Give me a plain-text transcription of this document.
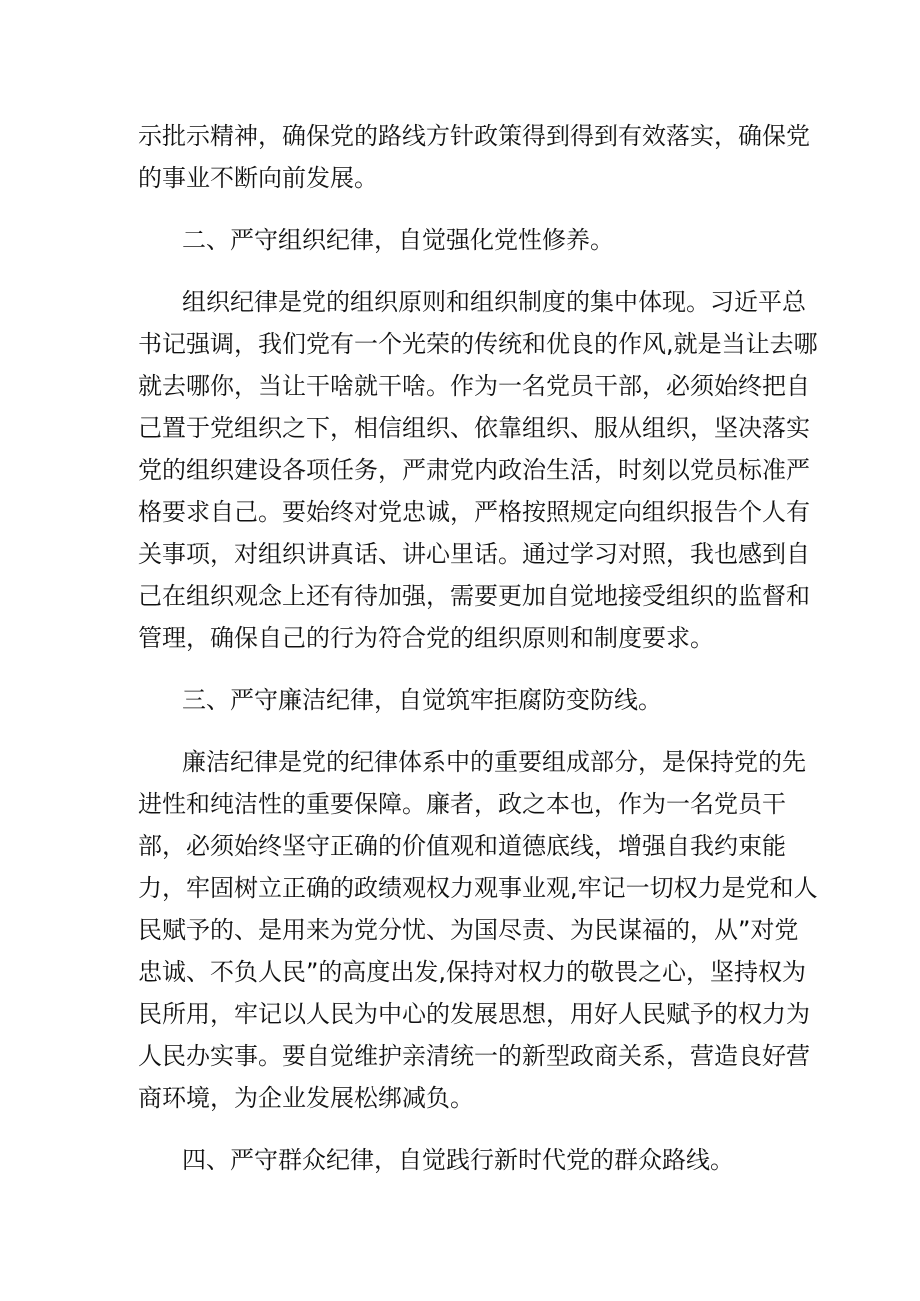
示批示精神，确保党的路线方针政策得到得到有效落实，确保党
的事业不断向前发展。
二、严守组织纪律，自觉强化党性修养。
组织纪律是党的组织原则和组织制度的集中体现。习近平总
书记强调，我们党有一个光荣的传统和优良的作风,就是当让去哪
就去哪你，当让干啥就干啥。作为一名党员干部，必须始终把自
己置于党组织之下，相信组织、依靠组织、服从组织，坚决落实
党的组织建设各项任务，严肃党内政治生活，时刻以党员标准严
格要求自己。要始终对党忠诚，严格按照规定向组织报告个人有
关事项，对组织讲真话、讲心里话。通过学习对照，我也感到自
己在组织观念上还有待加强，需要更加自觉地接受组织的监督和
管理，确保自己的行为符合党的组织原则和制度要求。
三、严守廉洁纪律，自觉筑牢拒腐防变防线。
廉洁纪律是党的纪律体系中的重要组成部分，是保持党的先
进性和纯洁性的重要保障。廉者，政之本也，作为一名党员干
部，必须始终坚守正确的价值观和道德底线，增强自我约束能
力，牢固树立正确的政绩观权力观事业观,牢记一切权力是党和人
民赋予的、是用来为党分忧、为国尽责、为民谋福的，从”对党
忠诚、不负人民”的高度出发,保持对权力的敬畏之心，坚持权为
民所用，牢记以人民为中心的发展思想，用好人民赋予的权力为
人民办实事。要自觉维护亲清统一的新型政商关系，营造良好营
商环境，为企业发展松绑减负。
四、严守群众纪律，自觉践行新时代党的群众路线。
